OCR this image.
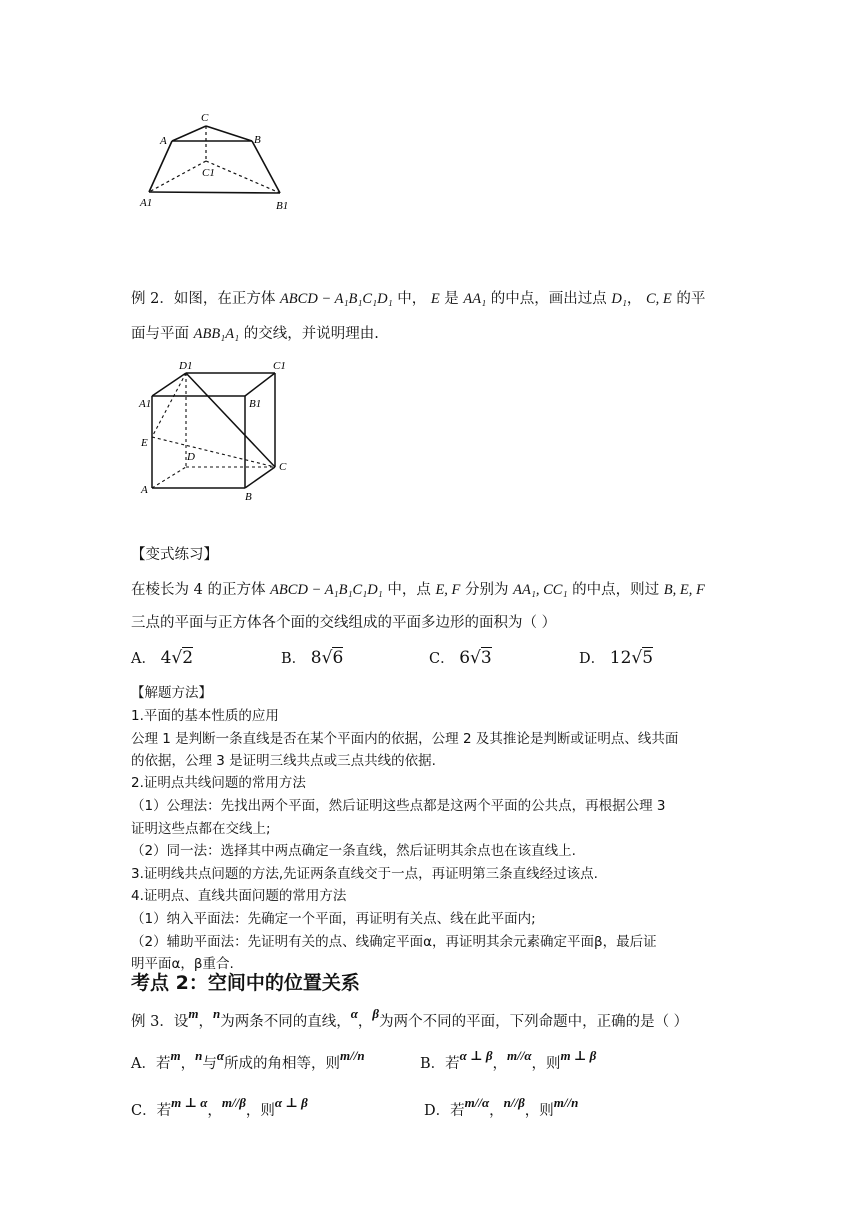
C
A	B
C1
A1	B1
例 2．如图，在正方体 ABCD − A₁B₁C₁D₁ 中， E 是 AA₁ 的中点，画出过点 D₁， C, E 的平
面与平面 ABB₁A₁ 的交线，并说明理由.
D1	C1
A1	B1
E
D
C
A
B
【变式练习】
在棱长为 4 的正方体 ABCD − A₁B₁C₁D₁ 中，点 E, F 分别为 AA₁, CC₁ 的中点，则过 B, E, F
三点的平面与正方体各个面的交线组成的平面多边形的面积为（ ）
A． 4√2	B． 8√6	C． 6√3	D． 12√5
【解题方法】
1.平面的基本性质的应用
公理 1 是判断一条直线是否在某个平面内的依据，公理 2 及其推论是判断或证明点、线共面
的依据，公理 3 是证明三线共点或三点共线的依据.
2.证明点共线问题的常用方法
（1）公理法：先找出两个平面，然后证明这些点都是这两个平面的公共点，再根据公理 3
证明这些点都在交线上;
（2）同一法：选择其中两点确定一条直线，然后证明其余点也在该直线上.
3.证明线共点问题的方法,先证两条直线交于一点，再证明第三条直线经过该点.
4.证明点、直线共面问题的常用方法
（1）纳入平面法：先确定一个平面，再证明有关点、线在此平面内;
（2）辅助平面法：先证明有关的点、线确定平面α，再证明其余元素确定平面β，最后证
明平面α，β重合.
考点 2：空间中的位置关系
例 3．设m，n为两条不同的直线，α，β为两个不同的平面，下列命题中，正确的是（ ）
A．若m，n与α所成的角相等，则m//n
B．若α ⊥ β，m//α，则m ⊥ β
C．若m ⊥ α，m//β，则α ⊥ β
D．若m//α，n//β，则m//n
